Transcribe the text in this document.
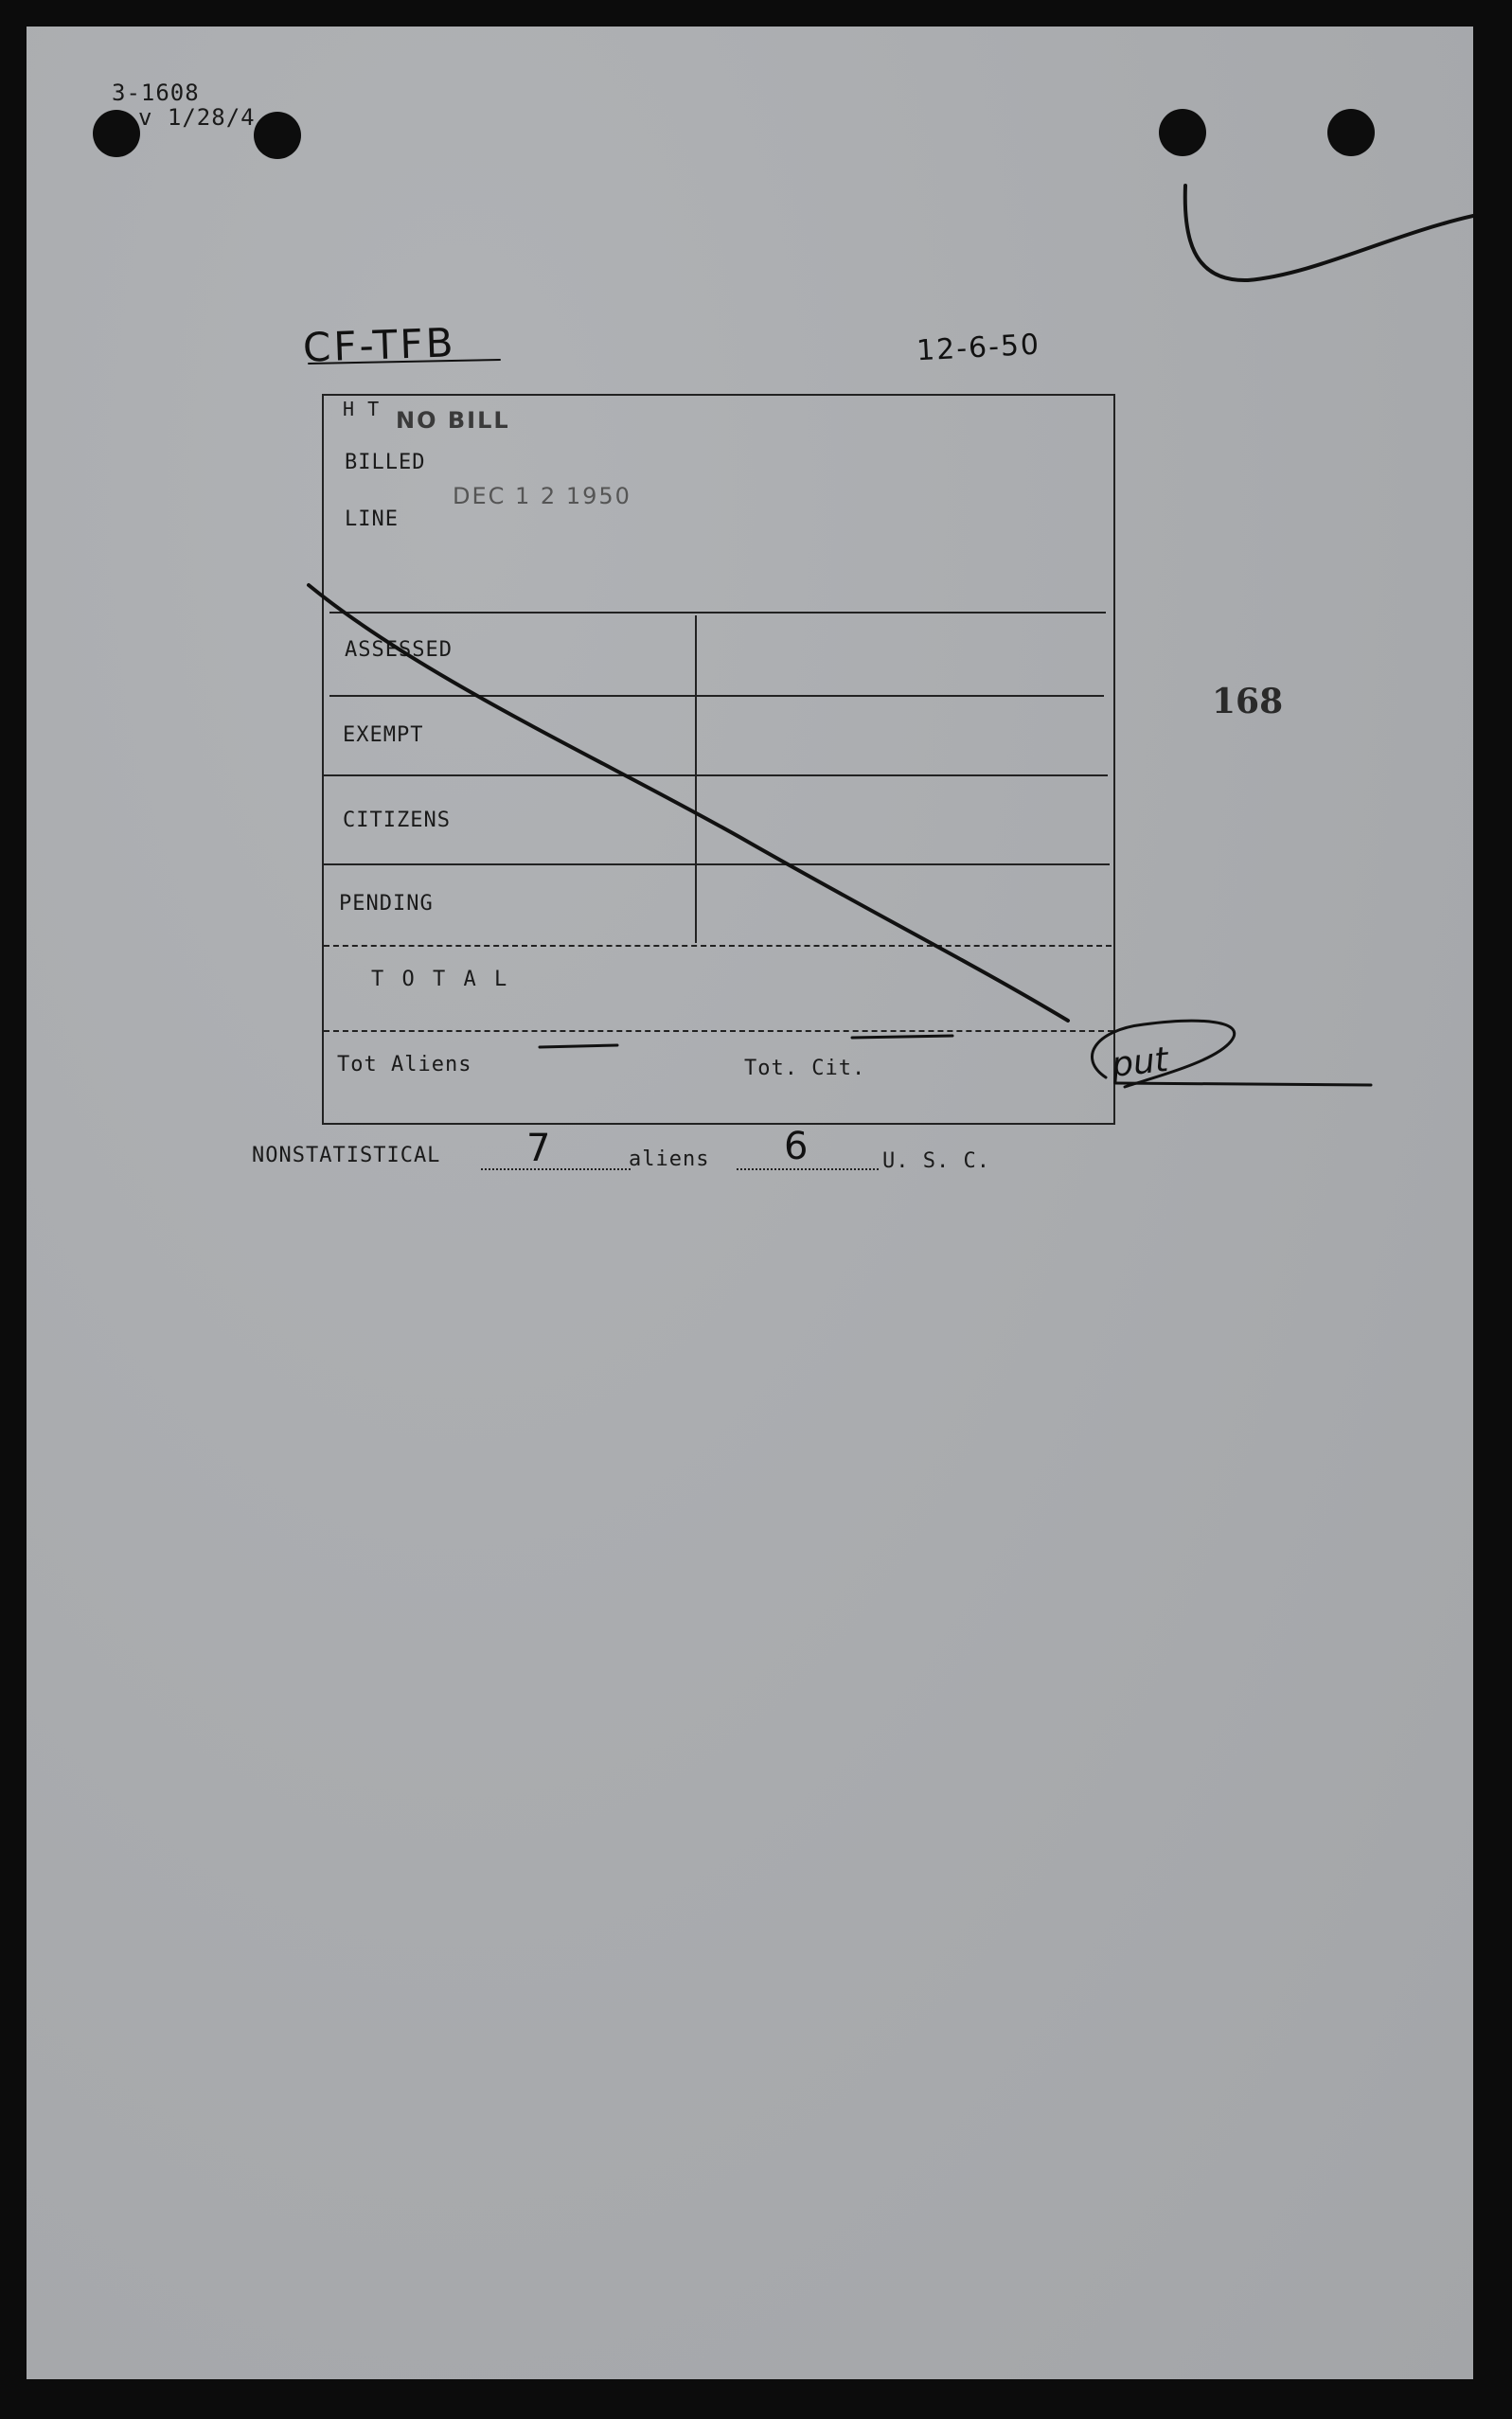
3-1608
v 1/28/4
CF-TFB	12-6-50
168
H T NO BILL
BILLED
DEC 1 2 1950
LINE
ASSESSED
EXEMPT
CITIZENS
PENDING
T O T A L
Tot Aliens	Tot. Cit.
NONSTATISTICAL 7	aliens 6	U. S. C.
put
